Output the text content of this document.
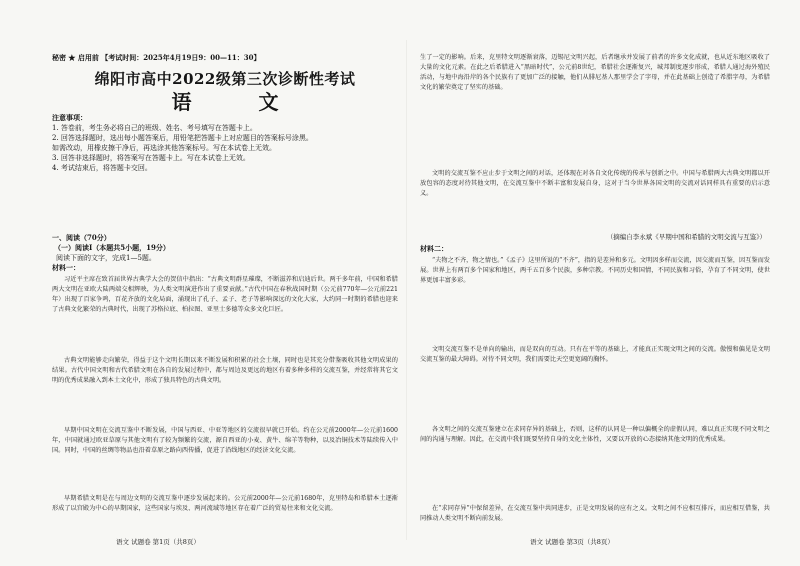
秘密 ★ 启用前 【考试时间：2025年4月19日9：00—11：30】
绵阳市高中2022级第三次诊断性考试
语 文
注意事项：
1. 答卷前，考生务必将自己的班级、姓名、考号填写在答题卡上。
2. 回答选择题时，选出每小题答案后，用铅笔把答题卡上对应题目的答案标号涂黑。
如需改动，用橡皮擦干净后，再选涂其他答案标号。写在本试卷上无效。
3. 回答非选择题时，将答案写在答题卡上。写在本试卷上无效。
4. 考试结束后，将答题卡交回。
一、阅读（70分）
（一）阅读Ⅰ（本题共5小题，19分）
阅读下面的文字，完成1—5题。
材料一：

习近平主席在致首届世界古典学大会的贺信中指出：“古典文明群星璀璨，不断滋养和启迪后世。两千多年前，中国和希腊两大文明在亚欧大陆两端交相辉映，为人类文明演进作出了重要贡献。”古代中国在春秋战国时期（公元前770年—公元前221年）出现了百家争鸣，百花齐放的文化局面，涌现出了孔子、孟子、老子等影响深远的文化大家，大约同一时期的希腊也迎来了古典文化繁荣的古典时代，出现了苏格拉底、柏拉图、亚里士多德等众多文化巨匠。

古典文明能够走向繁荣，得益于这个文明长期以来不断发展和积累的社会土壤，同时也是其充分借鉴吸收其他文明成果的结果。古代中国文明和古代希腊文明在各自的发展过程中，都与周边及更远的地区有着多种多样的交流互鉴，并经常将其它文明的优秀成果融入到本土文化中，形成了独具特色的古典文明。

早期中国文明在交流互鉴中不断发展，中国与西亚、中亚等地区的交流很早就已开始。约在公元前2000年—公元前1600年，中国就通过欧亚草原与其他文明有了较为频繁的交流，源自西亚的小麦、黄牛、绵羊等物种，以及冶铜技术等陆续传入中国。同时，中国的丝绸等物品也沿着草原之路向西传播，促进了沿线地区的经济文化交流。

早期希腊文明是在与周边文明的交流互鉴中逐步发展起来的。公元前2000年—公元前1680年，克里特岛和希腊本土逐渐形成了以宫殿为中心的早期国家，这些国家与埃及、两河流域等地区存在着广泛的贸易往来和文化交流。

生了一定的影响。后来，克里特文明逐渐衰落，迈锡尼文明兴起，后者继承并发展了前者的许多文化成就，也从近东地区吸收了大量的文化元素。在此之后希腊进入“黑暗时代”，公元前8世纪，希腊社会逐渐复兴，城邦制度逐步形成，希腊人通过海外殖民活动，与地中海沿岸的各个民族有了更加广泛的接触，他们从腓尼基人那里学会了字母，并在此基础上创造了希腊字母，为希腊文化的繁荣奠定了坚实的基础。

文明的交流互鉴不应止步于文明之间的对话，还体现在对各自文化传统的传承与创新之中。中国与希腊两大古典文明都以开放包容的态度对待其他文明，在交流互鉴中不断丰富和发展自身，这对于当今世界各国文明的交流对话同样具有重要的启示意义。

（摘编自李永斌《早期中国和希腊的文明交流与互鉴》）
材料二：

“夫物之不齐，物之情也。”《孟子》这里所说的“不齐”，指的是差异和多元。文明因多样而交流，因交流而互鉴，因互鉴而发展。世界上有两百多个国家和地区，两千五百多个民族，多种宗教。不同历史和国情，不同民族和习俗，孕育了不同文明，使世界更加丰富多彩。

文明交流互鉴不是单向的输出，而是双向的互动。只有在平等的基础上，才能真正实现文明之间的交流。傲慢和偏见是文明交流互鉴的最大障碍。对待不同文明，我们需要比天空更宽阔的胸怀。

各文明之间的交流互鉴建立在求同存异的基础上，否则，这样的认同是一种以偏概全的虚假认同，难以真正实现不同文明之间的沟通与理解。因此，在交流中我们既要坚持自身的文化主体性，又要以开放的心态接纳其他文明的优秀成果。

在“求同存异”中保留差异，在交流互鉴中共同进步，正是文明发展的应有之义。文明之间不应相互排斥，而应相互借鉴，共同推动人类文明不断向前发展。

语文 试题卷 第1页（共8页）	语文 试题卷 第3页（共8页）
